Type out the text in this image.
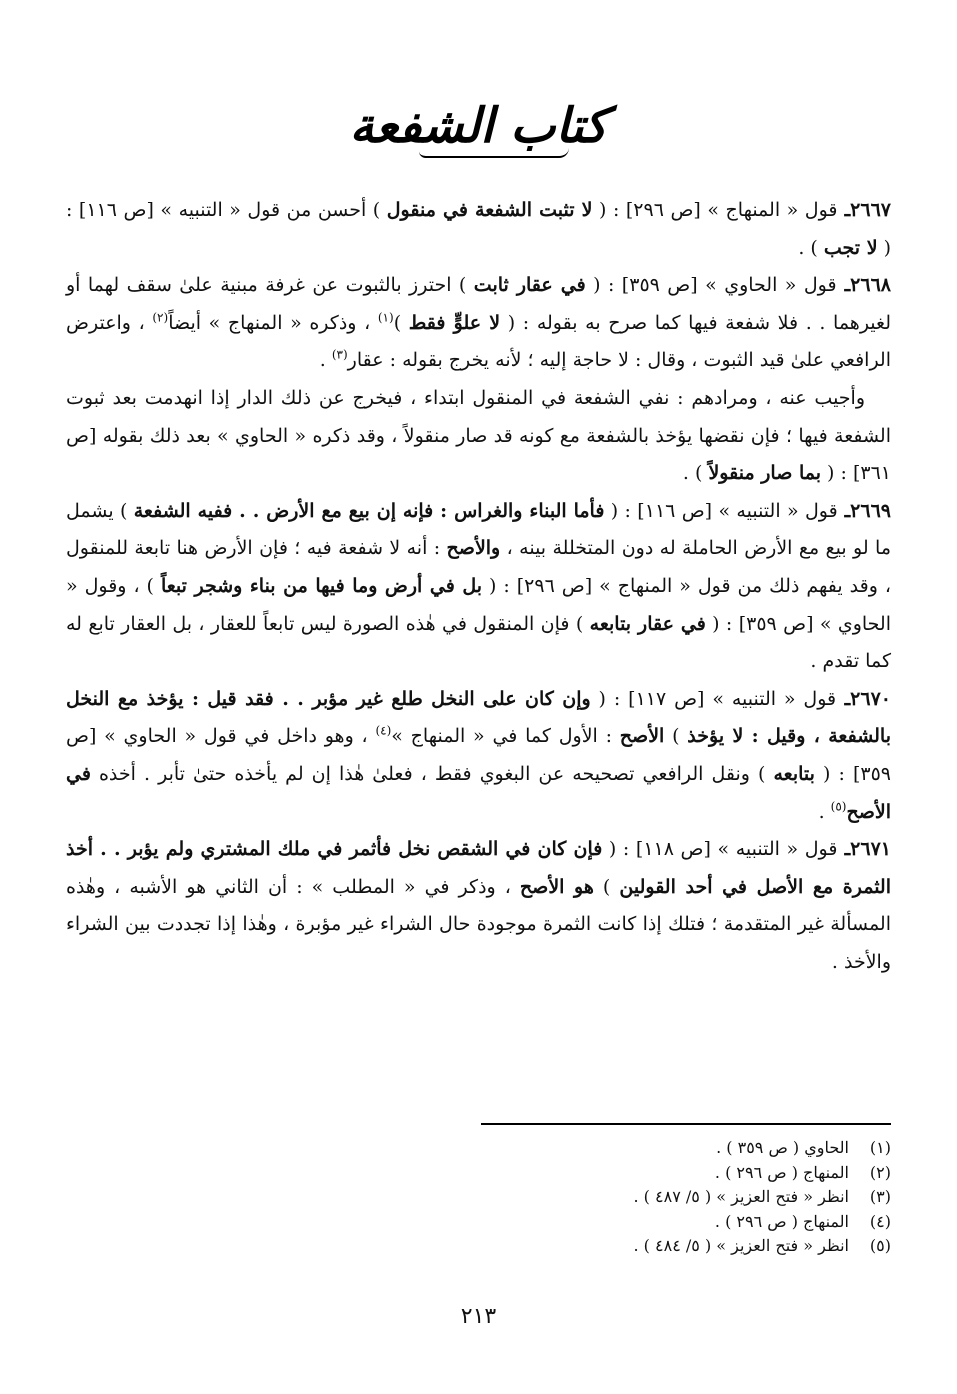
كتاب الشفعة

٢٦٦٧ـ قول « المنهاج » [ص ٢٩٦] : ( لا تثبت الشفعة في منقول ) أحسن من قول « التنبيه » [ص ١١٦] : ( لا تجب ) .

٢٦٦٨ـ قول « الحاوي » [ص ٣٥٩] : ( في عقار ثابت ) احترز بالثبوت عن غرفة مبنية علىٰ سقف لهما أو لغيرهما . . فلا شفعة فيها كما صرح به بقوله : ( لا علوٍّ فقط )$^{(١)}$ ، وذكره « المنهاج » أيضاً$^{(٢)}$ ، واعترض الرافعي علىٰ قيد الثبوت ، وقال : لا حاجة إليه ؛ لأنه يخرج بقوله : عقار$^{(٣)}$ .

وأجيب عنه ، ومرادهم : نفي الشفعة في المنقول ابتداء ، فيخرج عن ذلك الدار إذا انهدمت بعد ثبوت الشفعة فيها ؛ فإن نقضها يؤخذ بالشفعة مع كونه قد صار منقولاً ، وقد ذكره « الحاوي » بعد ذلك بقوله [ص ٣٦١] : ( بما صار منقولاً ) .

٢٦٦٩ـ قول « التنبيه » [ص ١١٦] : ( فأما البناء والغراس : فإنه إن بيع مع الأرض . . ففيه الشفعة ) يشمل ما لو بيع مع الأرض الحاملة له دون المتخللة بينه ، والأصح : أنه لا شفعة فيه ؛ فإن الأرض هنا تابعة للمنقول ، وقد يفهم ذلك من قول « المنهاج » [ص ٢٩٦] : ( بل في أرض وما فيها من بناء وشجر تبعاً ) ، وقول « الحاوي » [ص ٣٥٩] : ( في عقار بتابعه ) فإن المنقول في هٰذه الصورة ليس تابعاً للعقار ، بل العقار تابع له كما تقدم .

٢٦٧٠ـ قول « التنبيه » [ص ١١٧] : ( وإن كان على النخل طلع غير مؤبر . . فقد قيل : يؤخذ مع النخل بالشفعة ، وقيل : لا يؤخذ ) الأصح : الأول كما في « المنهاج »$^{(٤)}$ ، وهو داخل في قول « الحاوي » [ص ٣٥٩] : ( بتابعه ) ونقل الرافعي تصحيحه عن البغوي فقط ، فعلىٰ هٰذا إن لم يأخذه حتىٰ تأبر . أخذه في الأصح$^{(٥)}$ .

٢٦٧١ـ قول « التنبيه » [ص ١١٨] : ( فإن كان في الشقص نخل فأثمر في ملك المشتري ولم يؤبر . . أخذ الثمرة مع الأصل في أحد القولين ) هو الأصح ، وذكر في « المطلب » : أن الثاني هو الأشبه ، وهٰذه المسألة غير المتقدمة ؛ فتلك إذا كانت الثمرة موجودة حال الشراء غير مؤبرة ، وهٰذا إذا تجددت بين الشراء والأخذ .

(١)
الحاوي ( ص ٣٥٩ ) .
(٢)
المنهاج ( ص ٢٩٦ ) .
(٣)
انظر « فتح العزيز » ( ٥/ ٤٨٧ ) .
(٤)
المنهاج ( ص ٢٩٦ ) .
(٥)
انظر « فتح العزيز » ( ٥/ ٤٨٤ ) .
٢١٣
